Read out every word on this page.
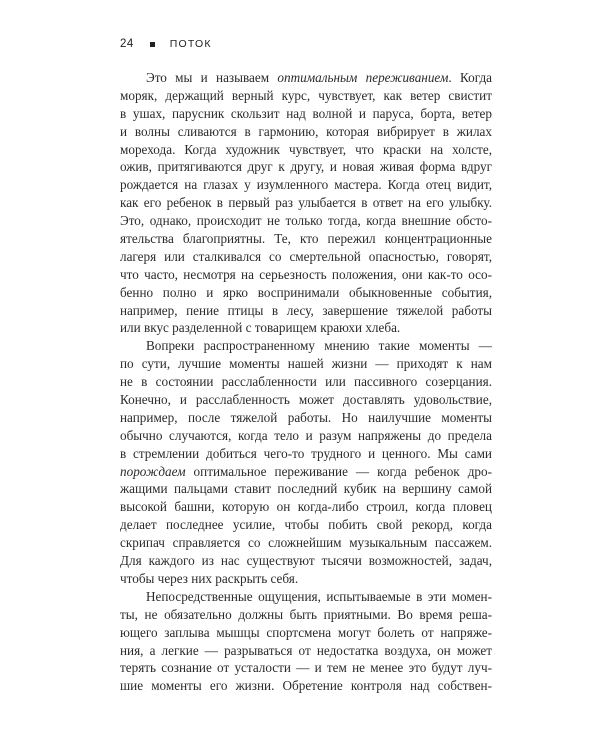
24	ПОТОК
Это мы и называем оптимальным переживанием. Когда
моряк, держащий верный курс, чувствует, как ветер свистит
в ушах, парусник скользит над волной и паруса, борта, ветер
и волны сливаются в гармонию, которая вибрирует в жилах
морехода. Когда художник чувствует, что краски на холсте,
ожив, притягиваются друг к другу, и новая живая форма вдруг
рождается на глазах у изумленного мастера. Когда отец видит,
как его ребенок в первый раз улыбается в ответ на его улыбку.
Это, однако, происходит не только тогда, когда внешние обсто-
ятельства благоприятны. Те, кто пережил концентрационные
лагеря или сталкивался со смертельной опасностью, говорят,
что часто, несмотря на серьезность положения, они как-то осо-
бенно полно и ярко воспринимали обыкновенные события,
например, пение птицы в лесу, завершение тяжелой работы
или вкус разделенной с товарищем краюхи хлеба.
Вопреки распространенному мнению такие моменты —
по сути, лучшие моменты нашей жизни — приходят к нам
не в состоянии расслабленности или пассивного созерцания.
Конечно, и расслабленность может доставлять удовольствие,
например, после тяжелой работы. Но наилучшие моменты
обычно случаются, когда тело и разум напряжены до предела
в стремлении добиться чего-то трудного и ценного. Мы сами
порождаем оптимальное переживание — когда ребенок дро-
жащими пальцами ставит последний кубик на вершину самой
высокой башни, которую он когда-либо строил, когда пловец
делает последнее усилие, чтобы побить свой рекорд, когда
скрипач справляется со сложнейшим музыкальным пассажем.
Для каждого из нас существуют тысячи возможностей, задач,
чтобы через них раскрыть себя.
Непосредственные ощущения, испытываемые в эти момен-
ты, не обязательно должны быть приятными. Во время реша-
ющего заплыва мышцы спортсмена могут болеть от напряже-
ния, а легкие — разрываться от недостатка воздуха, он может
терять сознание от усталости — и тем не менее это будут луч-
шие моменты его жизни. Обретение контроля над собствен-
